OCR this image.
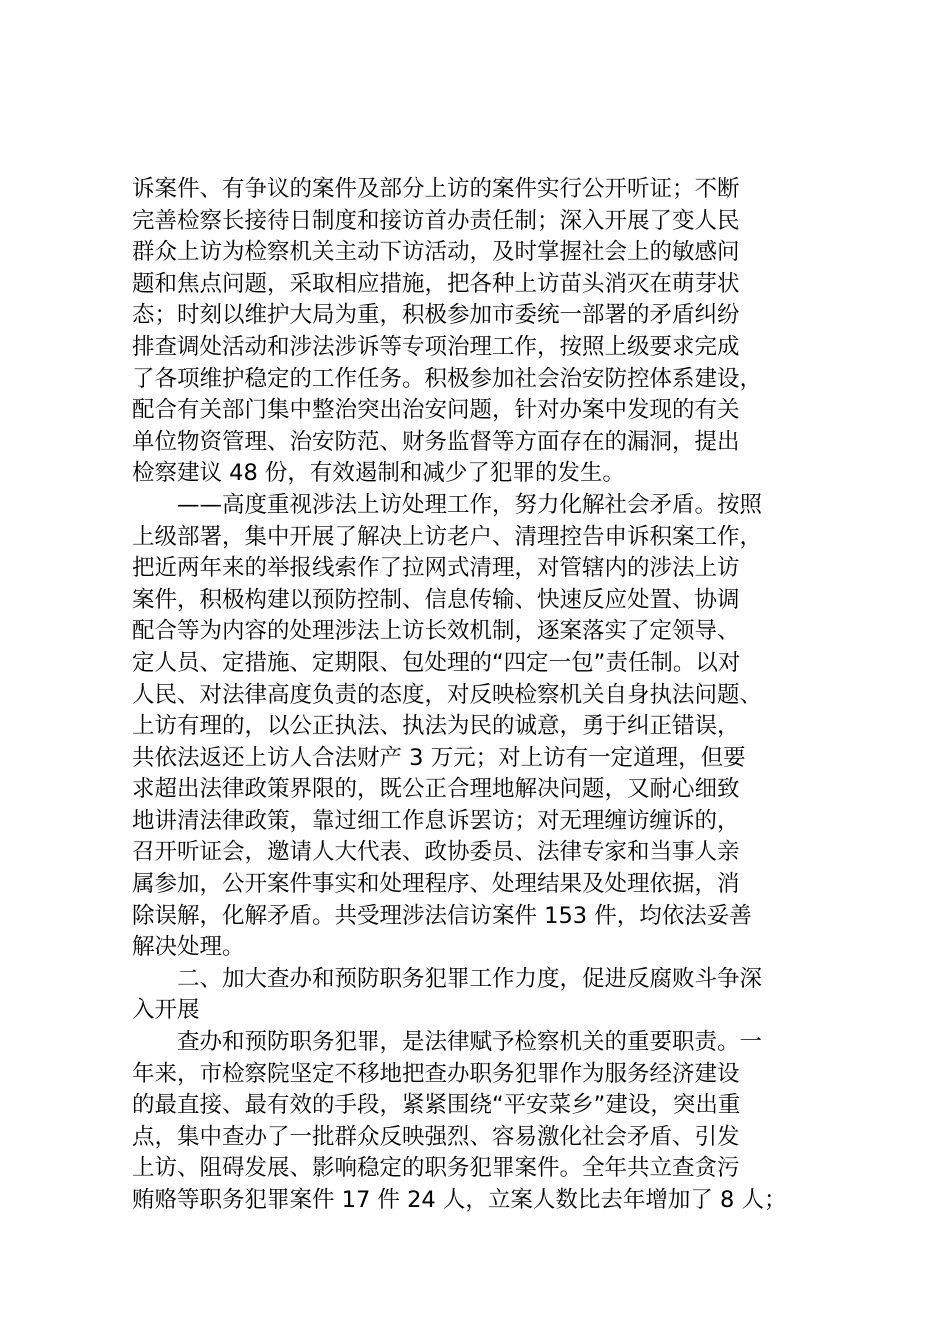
诉案件、有争议的案件及部分上访的案件实行公开听证；不断
完善检察长接待日制度和接访首办责任制；深入开展了变人民
群众上访为检察机关主动下访活动，及时掌握社会上的敏感问
题和焦点问题，采取相应措施，把各种上访苗头消灭在萌芽状
态；时刻以维护大局为重，积极参加市委统一部署的矛盾纠纷
排查调处活动和涉法涉诉等专项治理工作，按照上级要求完成
了各项维护稳定的工作任务。积极参加社会治安防控体系建设，
配合有关部门集中整治突出治安问题，针对办案中发现的有关
单位物资管理、治安防范、财务监督等方面存在的漏洞，提出
检察建议 48 份，有效遏制和减少了犯罪的发生。
　　——高度重视涉法上访处理工作，努力化解社会矛盾。按照
上级部署，集中开展了解决上访老户、清理控告申诉积案工作，
把近两年来的举报线索作了拉网式清理，对管辖内的涉法上访
案件，积极构建以预防控制、信息传输、快速反应处置、协调
配合等为内容的处理涉法上访长效机制，逐案落实了定领导、
定人员、定措施、定期限、包处理的“四定一包”责任制。以对
人民、对法律高度负责的态度，对反映检察机关自身执法问题、
上访有理的，以公正执法、执法为民的诚意，勇于纠正错误，
共依法返还上访人合法财产 3 万元；对上访有一定道理，但要
求超出法律政策界限的，既公正合理地解决问题，又耐心细致
地讲清法律政策，靠过细工作息诉罢访；对无理缠访缠诉的，
召开听证会，邀请人大代表、政协委员、法律专家和当事人亲
属参加，公开案件事实和处理程序、处理结果及处理依据，消
除误解，化解矛盾。共受理涉法信访案件 153 件，均依法妥善
解决处理。
　　二、加大查办和预防职务犯罪工作力度，促进反腐败斗争深
入开展
　　查办和预防职务犯罪，是法律赋予检察机关的重要职责。一
年来，市检察院坚定不移地把查办职务犯罪作为服务经济建设
的最直接、最有效的手段，紧紧围绕“平安菜乡”建设，突出重
点，集中查办了一批群众反映强烈、容易激化社会矛盾、引发
上访、阻碍发展、影响稳定的职务犯罪案件。全年共立查贪污
贿赂等职务犯罪案件 17 件 24 人，立案人数比去年增加了 8 人；
